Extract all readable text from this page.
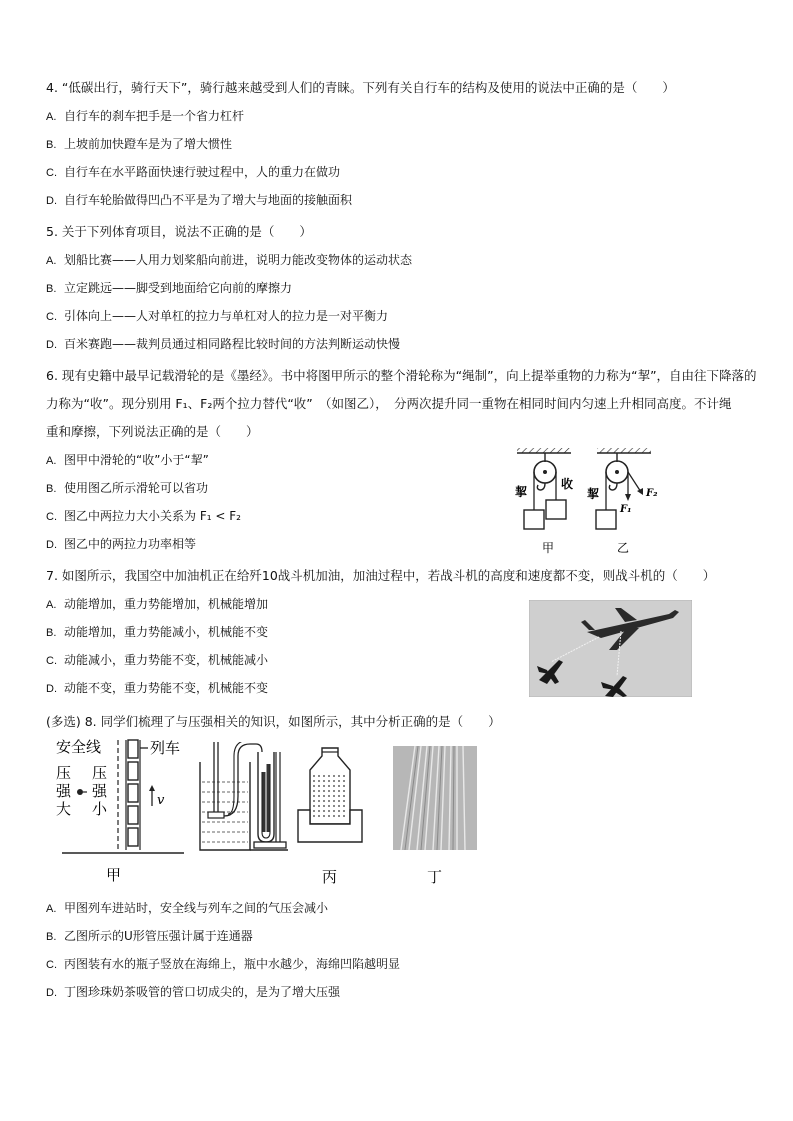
4. “低碳出行，骑行天下”，骑行越来越受到人们的青睐。下列有关自行车的结构及使用的说法中正确的是（　　）
A. 自行车的刹车把手是一个省力杠杆
B. 上坡前加快蹬车是为了增大惯性
C. 自行车在水平路面快速行驶过程中，人的重力在做功
D. 自行车轮胎做得凹凸不平是为了增大与地面的接触面积
5. 关于下列体育项目，说法不正确的是（　　）
A. 划船比赛——人用力划桨船向前进，说明力能改变物体的运动状态
B. 立定跳远——脚受到地面给它向前的摩擦力
C. 引体向上——人对单杠的拉力与单杠对人的拉力是一对平衡力
D. 百米赛跑——裁判员通过相同路程比较时间的方法判断运动快慢
6. 现有史籍中最早记载滑轮的是《墨经》。书中将图甲所示的整个滑轮称为“绳制”，向上提举重物的力称为“挈”，自由往下降落的
力称为“收”。现分别用 F₁、F₂两个拉力替代“收”　（如图乙），　分两次提升同一重物在相同时间内匀速上升相同高度。不计绳
重和摩擦，下列说法正确的是（　　）
A. 图甲中滑轮的“收”小于“挈”
B. 使用图乙所示滑轮可以省功
C. 图乙中两拉力大小关系为 F₁ < F₂
D. 图乙中的两拉力功率相等
挈
收
挈
F₁
F₂
甲	乙
7. 如图所示，我国空中加油机正在给歼10战斗机加油，加油过程中，若战斗机的高度和速度都不变，则战斗机的（　　）
A. 动能增加，重力势能增加，机械能增加
B. 动能增加，重力势能减小，机械能不变
C. 动能减小，重力势能不变，机械能减小
D. 动能不变，重力势能不变，机械能不变
(多选) 8. 同学们梳理了与压强相关的知识，如图所示，其中分析正确的是（　　）
安全线	列车
v
压
强
大
压
强
小
甲	丙	丁
A. 甲图列车进站时，安全线与列车之间的气压会减小
B. 乙图所示的U形管压强计属于连通器
C. 丙图装有水的瓶子竖放在海绵上，瓶中水越少，海绵凹陷越明显
D. 丁图珍珠奶茶吸管的管口切成尖的，是为了增大压强
